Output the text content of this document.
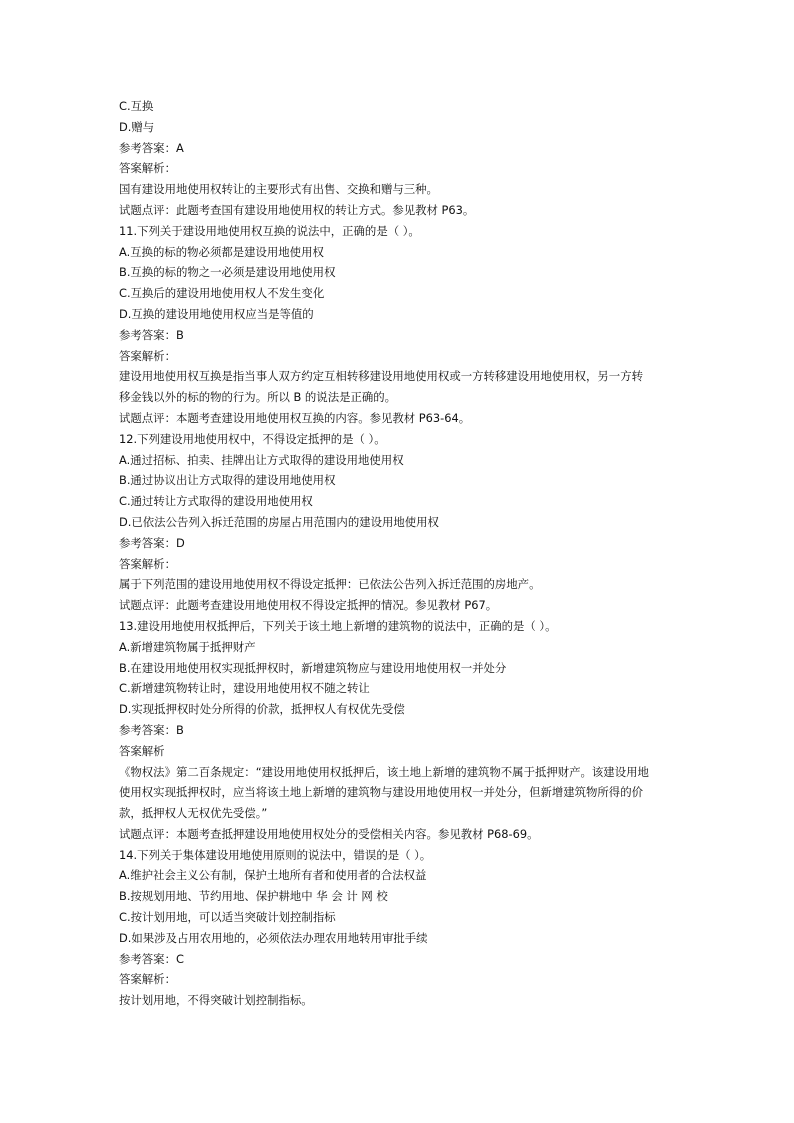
C.互换
D.赠与
参考答案：A
答案解析：
国有建设用地使用权转让的主要形式有出售、交换和赠与三种。
试题点评：此题考查国有建设用地使用权的转让方式。参见教材 P63。
11.下列关于建设用地使用权互换的说法中，正确的是（ ）。
A.互换的标的物必须都是建设用地使用权
B.互换的标的物之一必须是建设用地使用权
C.互换后的建设用地使用权人不发生变化
D.互换的建设用地使用权应当是等值的
参考答案：B
答案解析：
建设用地使用权互换是指当事人双方约定互相转移建设用地使用权或一方转移建设用地使用权，另一方转
移金钱以外的标的物的行为。所以 B 的说法是正确的。
试题点评：本题考查建设用地使用权互换的内容。参见教材 P63-64。
12.下列建设用地使用权中，不得设定抵押的是（ ）。
A.通过招标、拍卖、挂牌出让方式取得的建设用地使用权
B.通过协议出让方式取得的建设用地使用权
C.通过转让方式取得的建设用地使用权
D.已依法公告列入拆迁范围的房屋占用范围内的建设用地使用权
参考答案：D
答案解析：
属于下列范围的建设用地使用权不得设定抵押：已依法公告列入拆迁范围的房地产。
试题点评：此题考查建设用地使用权不得设定抵押的情况。参见教材 P67。
13.建设用地使用权抵押后，下列关于该土地上新增的建筑物的说法中，正确的是（ ）。
A.新增建筑物属于抵押财产
B.在建设用地使用权实现抵押权时，新增建筑物应与建设用地使用权一并处分
C.新增建筑物转让时，建设用地使用权不随之转让
D.实现抵押权时处分所得的价款，抵押权人有权优先受偿
参考答案：B
答案解析
《物权法》第二百条规定：“建设用地使用权抵押后，该土地上新增的建筑物不属于抵押财产。该建设用地
使用权实现抵押权时，应当将该土地上新增的建筑物与建设用地使用权一并处分，但新增建筑物所得的价
款，抵押权人无权优先受偿。”
试题点评：本题考查抵押建设用地使用权处分的受偿相关内容。参见教材 P68-69。
14.下列关于集体建设用地使用原则的说法中，错误的是（ ）。
A.维护社会主义公有制，保护土地所有者和使用者的合法权益
B.按规划用地、节约用地、保护耕地中 华 会 计 网 校
C.按计划用地，可以适当突破计划控制指标
D.如果涉及占用农用地的，必须依法办理农用地转用审批手续
参考答案：C
答案解析：
按计划用地，不得突破计划控制指标。
